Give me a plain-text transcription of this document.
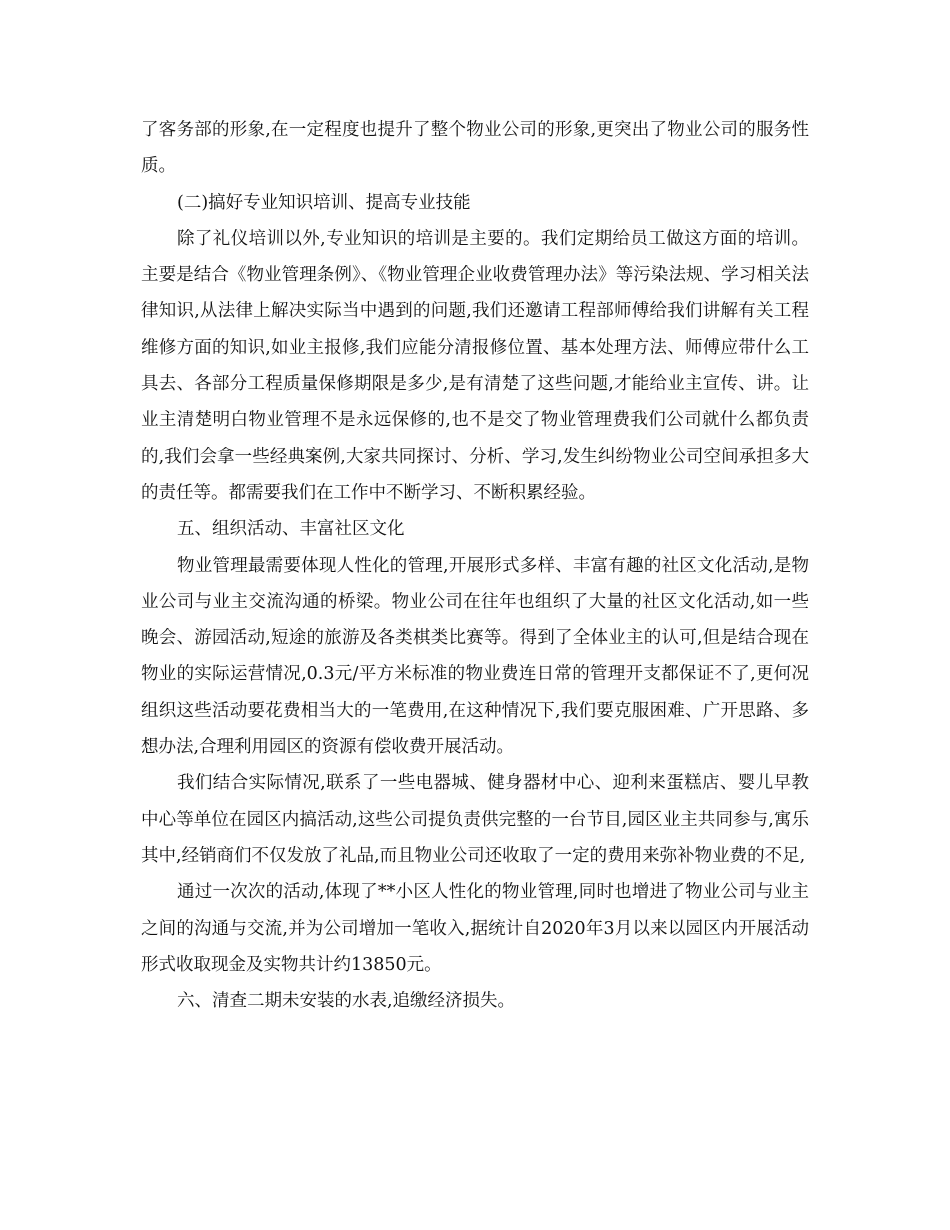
了客务部的形象,在一定程度也提升了整个物业公司的形象,更突出了物业公司的服务性质。

(二)搞好专业知识培训、提高专业技能

除了礼仪培训以外,专业知识的培训是主要的。我们定期给员工做这方面的培训。主要是结合《物业管理条例》、《物业管理企业收费管理办法》等污染法规、学习相关法律知识,从法律上解决实际当中遇到的问题,我们还邀请工程部师傅给我们讲解有关工程维修方面的知识,如业主报修,我们应能分清报修位置、基本处理方法、师傅应带什么工具去、各部分工程质量保修期限是多少,是有清楚了这些问题,才能给业主宣传、讲。让业主清楚明白物业管理不是永远保修的,也不是交了物业管理费我们公司就什么都负责的,我们会拿一些经典案例,大家共同探讨、分析、学习,发生纠纷物业公司空间承担多大的责任等。都需要我们在工作中不断学习、不断积累经验。

五、组织活动、丰富社区文化

物业管理最需要体现人性化的管理,开展形式多样、丰富有趣的社区文化活动,是物业公司与业主交流沟通的桥梁。物业公司在往年也组织了大量的社区文化活动,如一些晚会、游园活动,短途的旅游及各类棋类比赛等。得到了全体业主的认可,但是结合现在物业的实际运营情况,0.3元/平方米标准的物业费连日常的管理开支都保证不了,更何况组织这些活动要花费相当大的一笔费用,在这种情况下,我们要克服困难、广开思路、多想办法,合理利用园区的资源有偿收费开展活动。

我们结合实际情况,联系了一些电器城、健身器材中心、迎利来蛋糕店、婴儿早教中心等单位在园区内搞活动,这些公司提负责供完整的一台节目,园区业主共同参与,寓乐其中,经销商们不仅发放了礼品,而且物业公司还收取了一定的费用来弥补物业费的不足,

通过一次次的活动,体现了**小区人性化的物业管理,同时也增进了物业公司与业主之间的沟通与交流,并为公司增加一笔收入,据统计自2020年3月以来以园区内开展活动形式收取现金及实物共计约13850元。

六、清查二期未安装的水表,追缴经济损失。
